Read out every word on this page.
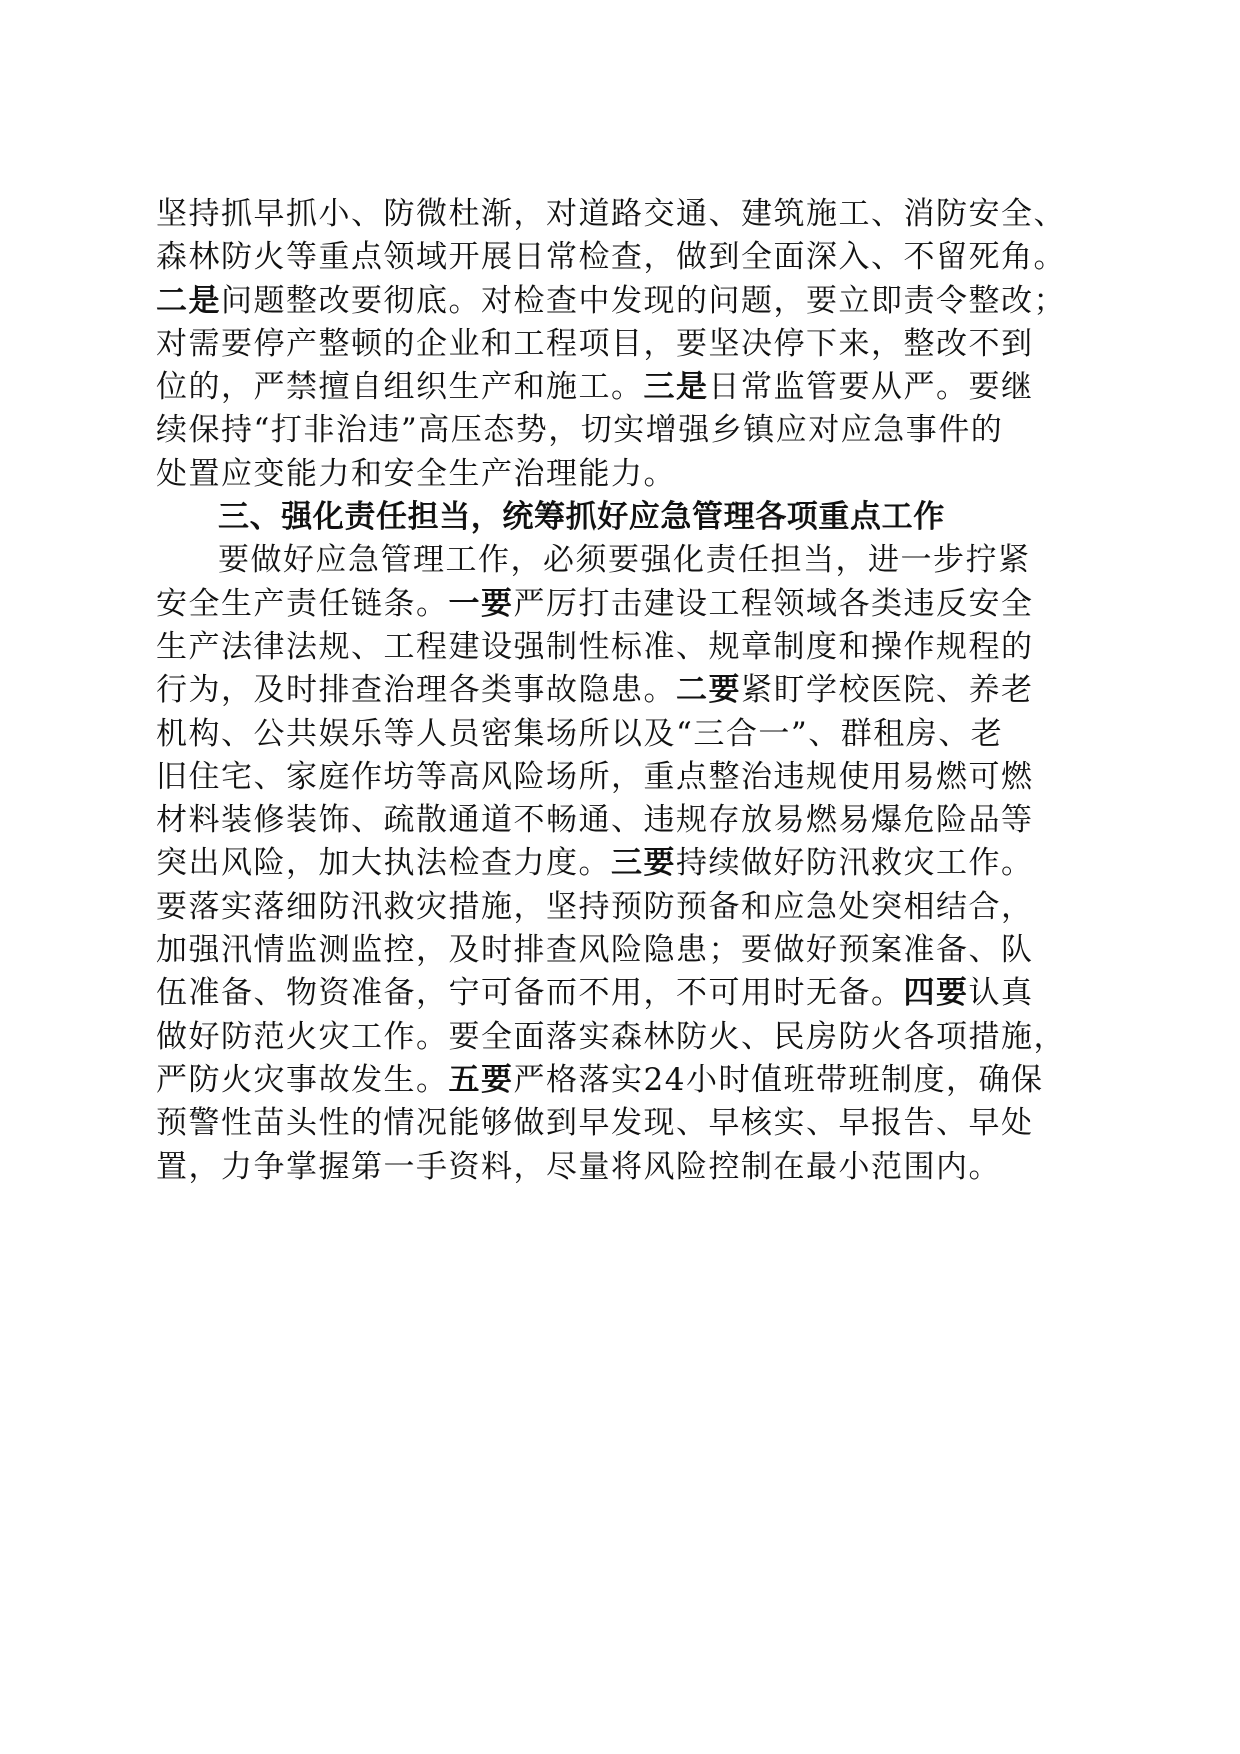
坚持抓早抓小、防微杜渐，对道路交通、建筑施工、消防安全、
森林防火等重点领域开展日常检查，做到全面深入、不留死角。
二是问题整改要彻底。对检查中发现的问题，要立即责令整改；
对需要停产整顿的企业和工程项目，要坚决停下来，整改不到
位的，严禁擅自组织生产和施工。三是日常监管要从严。要继
续保持“打非治违”高压态势，切实增强乡镇应对应急事件的
处置应变能力和安全生产治理能力。
三、强化责任担当，统筹抓好应急管理各项重点工作
要做好应急管理工作，必须要强化责任担当，进一步拧紧
安全生产责任链条。一要严厉打击建设工程领域各类违反安全
生产法律法规、工程建设强制性标准、规章制度和操作规程的
行为，及时排查治理各类事故隐患。二要紧盯学校医院、养老
机构、公共娱乐等人员密集场所以及“三合一”、群租房、老
旧住宅、家庭作坊等高风险场所，重点整治违规使用易燃可燃
材料装修装饰、疏散通道不畅通、违规存放易燃易爆危险品等
突出风险，加大执法检查力度。三要持续做好防汛救灾工作。
要落实落细防汛救灾措施，坚持预防预备和应急处突相结合，
加强汛情监测监控，及时排查风险隐患；要做好预案准备、队
伍准备、物资准备，宁可备而不用，不可用时无备。四要认真
做好防范火灾工作。要全面落实森林防火、民房防火各项措施，
严防火灾事故发生。五要严格落实24小时值班带班制度，确保
预警性苗头性的情况能够做到早发现、早核实、早报告、早处
置，力争掌握第一手资料，尽量将风险控制在最小范围内。
